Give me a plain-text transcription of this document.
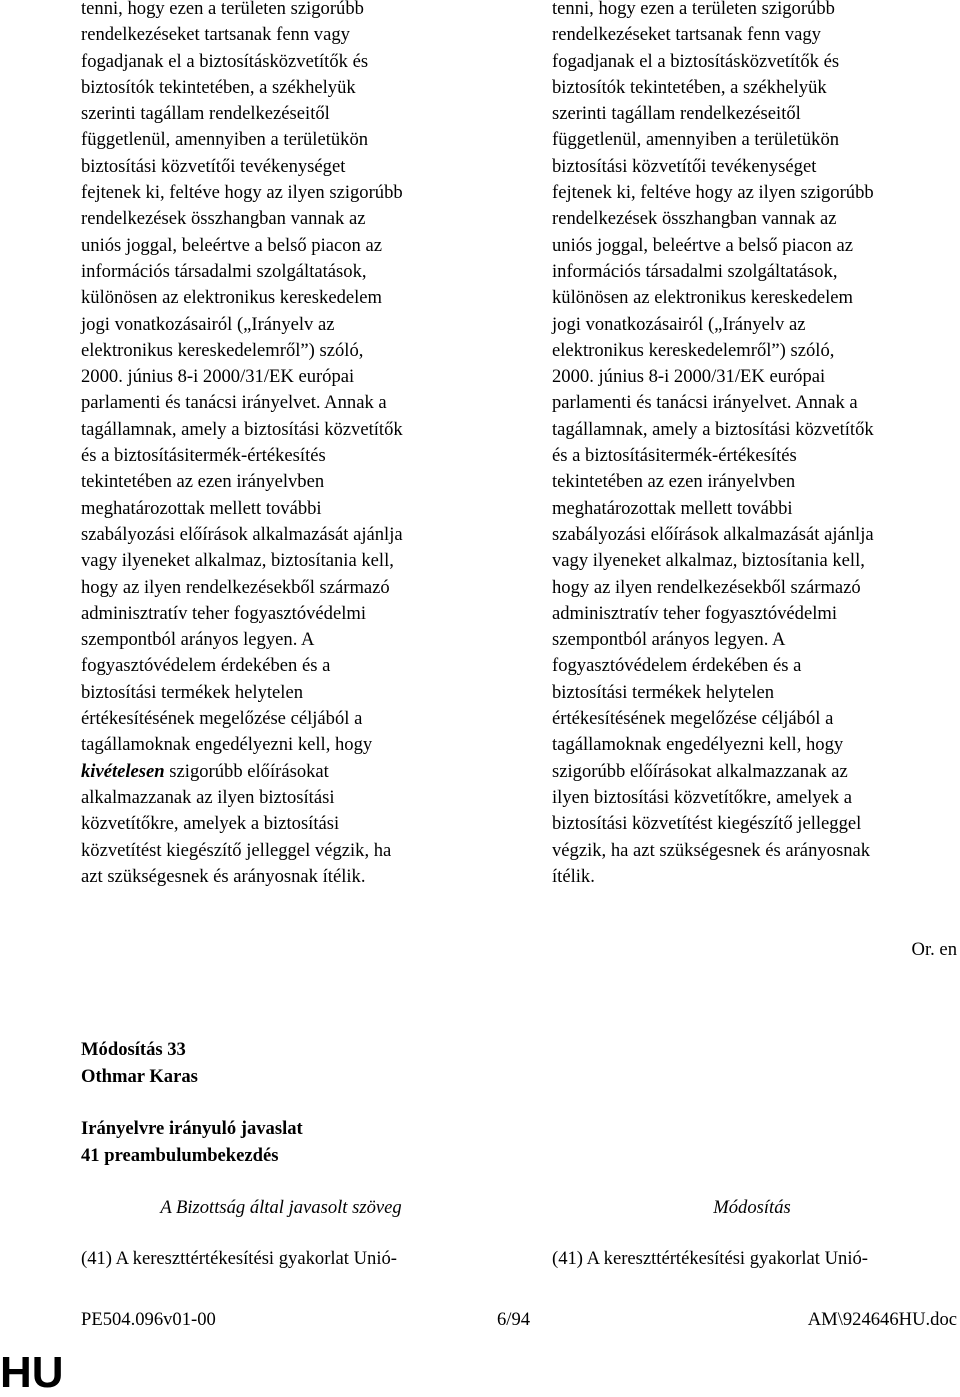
tenni, hogy ezen a területen szigorúbb
rendelkezéseket tartsanak fenn vagy
fogadjanak el a biztosításközvetítők és
biztosítók tekintetében, a székhelyük
szerinti tagállam rendelkezéseitől
függetlenül, amennyiben a területükön
biztosítási közvetítői tevékenységet
fejtenek ki, feltéve hogy az ilyen szigorúbb
rendelkezések összhangban vannak az
uniós joggal, beleértve a belső piacon az
információs társadalmi szolgáltatások,
különösen az elektronikus kereskedelem
jogi vonatkozásairól („Irányelv az
elektronikus kereskedelemről”) szóló,
2000. június 8-i 2000/31/EK európai
parlamenti és tanácsi irányelvet. Annak a
tagállamnak, amely a biztosítási közvetítők
és a biztosításitermék-értékesítés
tekintetében az ezen irányelvben
meghatározottak mellett további
szabályozási előírások alkalmazását ajánlja
vagy ilyeneket alkalmaz, biztosítania kell,
hogy az ilyen rendelkezésekből származó
adminisztratív teher fogyasztóvédelmi
szempontból arányos legyen. A
fogyasztóvédelem érdekében és a
biztosítási termékek helytelen
értékesítésének megelőzése céljából a
tagállamoknak engedélyezni kell, hogy
kivételesen szigorúbb előírásokat
alkalmazzanak az ilyen biztosítási
közvetítőkre, amelyek a biztosítási
közvetítést kiegészítő jelleggel végzik, ha
azt szükségesnek és arányosnak ítélik.
tenni, hogy ezen a területen szigorúbb
rendelkezéseket tartsanak fenn vagy
fogadjanak el a biztosításközvetítők és
biztosítók tekintetében, a székhelyük
szerinti tagállam rendelkezéseitől
függetlenül, amennyiben a területükön
biztosítási közvetítői tevékenységet
fejtenek ki, feltéve hogy az ilyen szigorúbb
rendelkezések összhangban vannak az
uniós joggal, beleértve a belső piacon az
információs társadalmi szolgáltatások,
különösen az elektronikus kereskedelem
jogi vonatkozásairól („Irányelv az
elektronikus kereskedelemről”) szóló,
2000. június 8-i 2000/31/EK európai
parlamenti és tanácsi irányelvet. Annak a
tagállamnak, amely a biztosítási közvetítők
és a biztosításitermék-értékesítés
tekintetében az ezen irányelvben
meghatározottak mellett további
szabályozási előírások alkalmazását ajánlja
vagy ilyeneket alkalmaz, biztosítania kell,
hogy az ilyen rendelkezésekből származó
adminisztratív teher fogyasztóvédelmi
szempontból arányos legyen. A
fogyasztóvédelem érdekében és a
biztosítási termékek helytelen
értékesítésének megelőzése céljából a
tagállamoknak engedélyezni kell, hogy
szigorúbb előírásokat alkalmazzanak az
ilyen biztosítási közvetítőkre, amelyek a
biztosítási közvetítést kiegészítő jelleggel
végzik, ha azt szükségesnek és arányosnak
ítélik.
Or. en
Módosítás 33
Othmar Karas
Irányelvre irányuló javaslat
41 preambulumbekezdés
A Bizottság által javasolt szöveg	Módosítás
(41) A kereszttértékesítési gyakorlat Unió-	(41) A kereszttértékesítési gyakorlat Unió-
PE504.096v01-00	6/94	AM\924646HU.doc
HU
